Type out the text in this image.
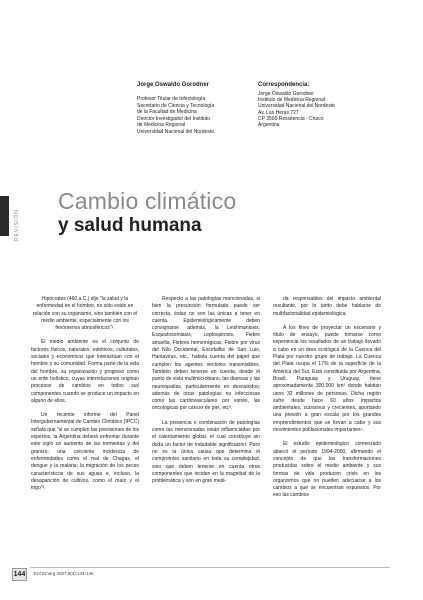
Jorge Oswaldo Gorodner
Profesor Titular de Infectología
Secretario de Ciencia y Tecnología
de la Facultad de Medicina
Director Investigador del Instituto
de Medicina Regional
Universidad Nacional del Nordeste.
Correspondencia:
Jorge Oswaldo Gorodner
Instituto de Medicina Regional
Universidad Nacional del Nordeste
Av. Las Heras 727
CP 3500 Resistencia - Chaco
Argentina
REVISIÓN
Cambio climático
y salud humana

Hipócrates (460 a.C.) dijo "la salud y la enfermedad en el hombre, no sólo están en relación con su organismo, sino también con el medio ambiente, especialmente con los fenómenos atmosféricos"¹.

El medio ambiente es el conjunto de factores físicos, naturales, estéticos, culturales, sociales y económicos que interactúan con el hombre y su comunidad. Forma parte de la vida del hombre, su organización y progreso como un ente holístico, cuyas interrelaciones originan procesos de cambios en todos sus componentes cuando se produce un impacto en alguno de ellos.

Un reciente informe del Panel Intergubernamental de Cambio Climático (IPCC) señala que "si se cumplen las previsiones de los expertos, la Argentina deberá enfrentar durante este siglo un aumento de las tormentas y del granizo; una creciente incidencia de enfermedades como el mal de Chagas, el dengue y la malaria; la migración de los peces característicos de sus aguas e, incluso, la desaparición de cultivos, como el maíz y el trigo"².

Respecto a las patologías mencionadas, si bien la presunción formulada puede ser correcta, éstas no son las únicas a tener en cuenta. Epidemiológicamente deben consignarse además, la Leishmaniosis, Esquistosomiasis, Leptospirosis, Fiebre amarilla, Fiebres hemorrágicas, Fiebre por virus del Nilo Occidental, Encefalitis de San Luis, Hantavirus, etc., habida cuenta del papel que cumplen los agentes vectores transmisibles. También deben tenerse en cuenta, desde el punto de vista multimicrobiano, las diarreas y las neumopatías, particularmente en desnutridos; además de otras patologías no infecciosas como las cardiovasculares por estrés, las oncológicas por cáncer de piel, etc³.

La presencia o combinación de patologías como las mencionadas están influenciadas por el calentamiento global, el cual constituye sin duda un factor de indudable significación. Pero no es la única causa que determina el compromiso sanitario en toda su complejidad, sino que deben tenerse en cuenta otros componentes que inciden en la magnitud de la problemática y son en gran medi-

da responsables del impacto ambiental resultante, por lo tanto debe hablarse de multifactorialidad epidemiológica.

A los fines de proyectar un escenario y título de ensayo, puede tomarse como experiencia los resultados de un trabajo llevado a cabo en un área ecológica de la Cuenca del Plata por nuestro grupo de trabajo. La Cuenca del Plata ocupa el 17% de la superficie de la América del Sur. Está constituida por Argentina, Brasil, Paraguay y Uruguay, tiene aproximadamente 300.000 km² donde habitan unos 32 millones de personas. Dicha región sufre desde hace 60 años impactos ambientales, sucesivos y crecientes, aportando una presión a gran escala por los grandes emprendimientos que se llevan a cabo y sus movimientos poblacionales importantes⁴.

El estudio epidemiológico comenzado abarcó el período 1994-2000, afirmando el concepto de que las transformaciones producidas sobre el medio ambiente y sus formas de vida producen crisis en los organismos que no pueden adecuarse a los cambios a que se encuentran expuestos. Por eso las cambios

144	Enf Emerg 2007;9(3):144-146
